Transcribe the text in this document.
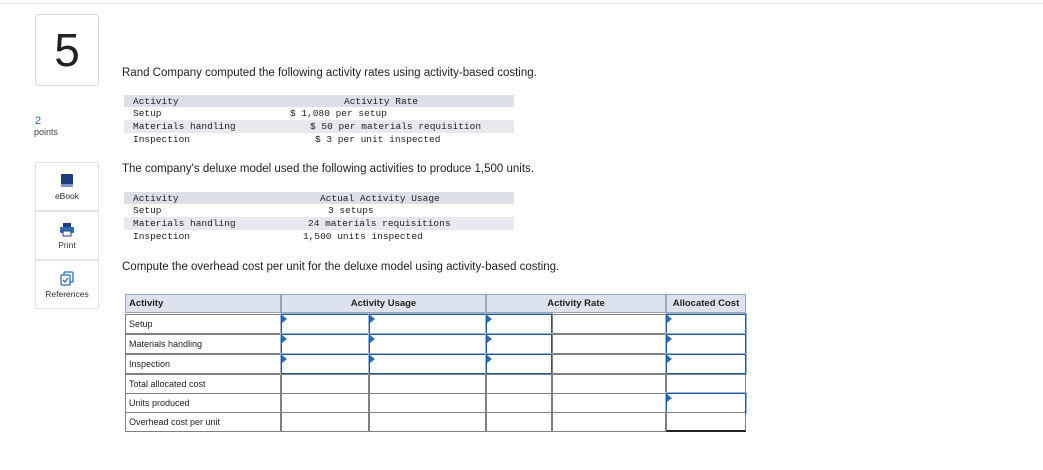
5
2
points
eBook
Print
References
Rand Company computed the following activity rates using activity-based costing.
Activity	Activity Rate
Setup	$ 1,080 per setup
Materials handling	$ 50 per materials requisition
Inspection	$ 3 per unit inspected
The company's deluxe model used the following activities to produce 1,500 units.
Activity	Actual Activity Usage
Setup	3 setups
Materials handling	24 materials requisitions
Inspection	1,500 units inspected
Compute the overhead cost per unit for the deluxe model using activity-based costing.
Activity	Activity Usage	Activity Rate	Allocated Cost
Setup
Materials handling
Inspection
Total allocated cost
Units produced
Overhead cost per unit
